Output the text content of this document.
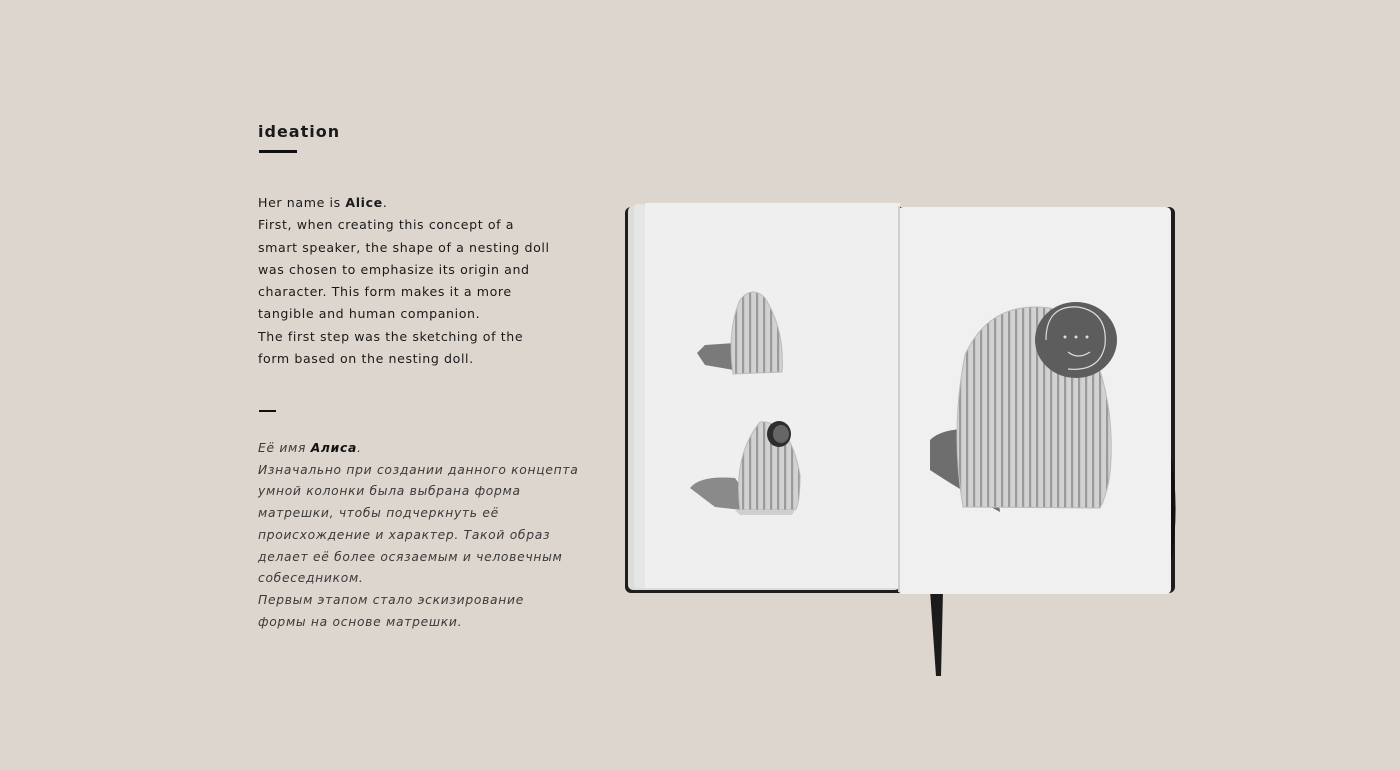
ideation
Her name is Alice.
First, when creating this concept of a
smart speaker, the shape of a nesting doll
was chosen to emphasize its origin and
character. This form makes it a more
tangible and human companion.
The first step was the sketching of the
form based on the nesting doll.
Её имя Алиса.
Изначально при создании данного концепта
умной колонки была выбрана форма
матрешки, чтобы подчеркнуть её
происхождение и характер. Такой образ
делает её более осязаемым и человечным
собеседником.
Первым этапом стало эскизирование
формы на основе матрешки.
